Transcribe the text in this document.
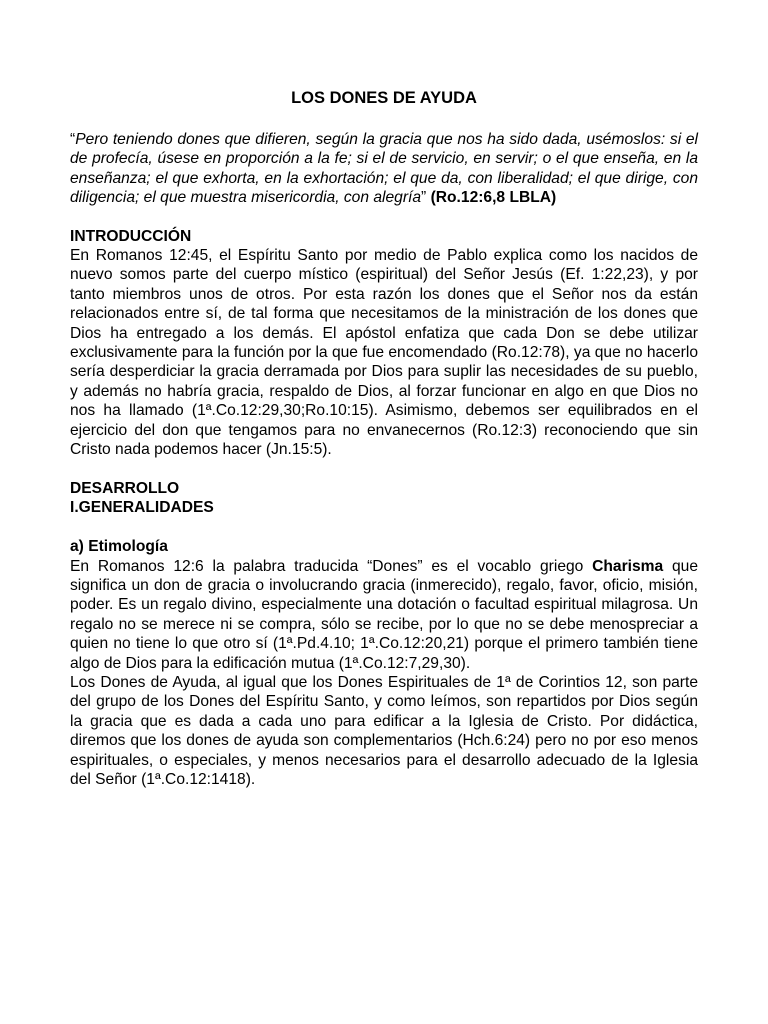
LOS DONES DE AYUDA

“Pero teniendo dones que difieren, según la gracia que nos ha sido dada, usémoslos: si el de profecía, úsese en proporción a la fe; si el de servicio, en servir; o el que enseña, en la enseñanza; el que exhorta, en la exhortación; el que da, con liberalidad; el que dirige, con diligencia; el que muestra misericordia, con alegría” (Ro.12:6,8 LBLA)

INTRODUCCIÓN

En Romanos 12:45, el Espíritu Santo por medio de Pablo explica como los nacidos de nuevo somos parte del cuerpo místico (espiritual) del Señor Jesús (Ef. 1:22,23), y por tanto miembros unos de otros. Por esta razón los dones que el Señor nos da están relacionados entre sí, de tal forma que necesitamos de la ministración de los dones que Dios ha entregado a los demás. El apóstol enfatiza que cada Don se debe utilizar exclusivamente para la función por la que fue encomendado (Ro.12:78), ya que no hacerlo sería desperdiciar la gracia derramada por Dios para suplir las necesidades de su pueblo, y además no habría gracia, respaldo de Dios, al forzar funcionar en algo en que Dios no nos ha llamado (1ª.Co.12:29,30;Ro.10:15). Asimismo, debemos ser equilibrados en el ejercicio del don que tengamos para no envanecernos (Ro.12:3) reconociendo que sin Cristo nada podemos hacer (Jn.15:5).

DESARROLLO
I.GENERALIDADES
a) Etimología

En Romanos 12:6 la palabra traducida “Dones” es el vocablo griego Charisma que significa un don de gracia o involucrando gracia (inmerecido), regalo, favor, oficio, misión, poder. Es un regalo divino, especialmente una dotación o facultad espiritual milagrosa. Un regalo no se merece ni se compra, sólo se recibe, por lo que no se debe menospreciar a quien no tiene lo que otro sí (1ª.Pd.4.10; 1ª.Co.12:20,21) porque el primero también tiene algo de Dios para la edificación mutua (1ª.Co.12:7,29,30).

Los Dones de Ayuda, al igual que los Dones Espirituales de 1ª de Corintios 12, son parte del grupo de los Dones del Espíritu Santo, y como leímos, son repartidos por Dios según la gracia que es dada a cada uno para edificar a la Iglesia de Cristo. Por didáctica, diremos que los dones de ayuda son complementarios (Hch.6:24) pero no por eso menos espirituales, o especiales, y menos necesarios para el desarrollo adecuado de la Iglesia del Señor (1ª.Co.12:1418).
